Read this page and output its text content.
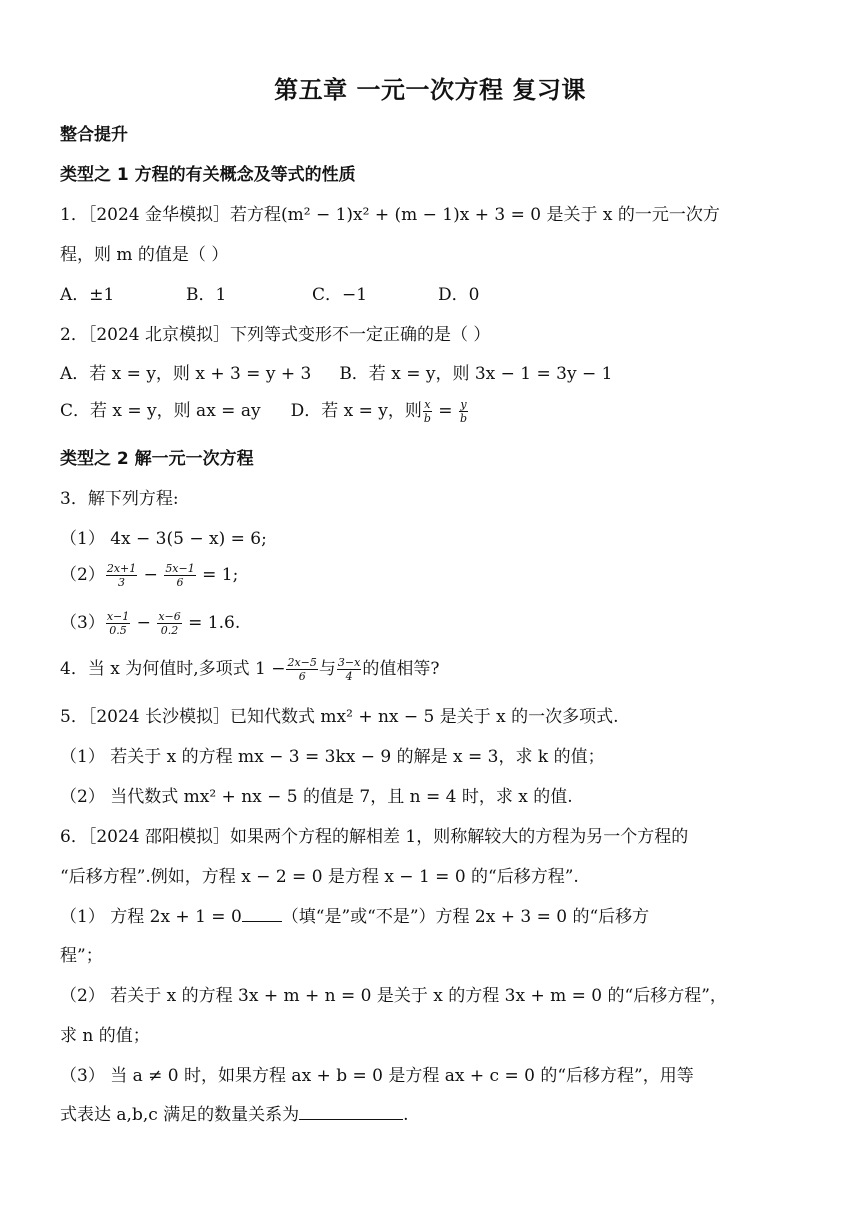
第五章 一元一次方程 复习课
整合提升
类型之 1 方程的有关概念及等式的性质
1．［2024 金华模拟］若方程(m² − 1)x² + (m − 1)x + 3 = 0 是关于 x 的一元一次方
程，则 m 的值是（ ）
A．±1	B．1	C．−1	D．0
2．［2024 北京模拟］下列等式变形不一定正确的是（ ）
A．若 x = y，则 x + 3 = y + 3 B．若 x = y，则 3x − 1 = 3y − 1
C．若 x = y，则 ax = ay D．若 x = y，则 $\frac{x}{b} = \frac{y}{b}$
类型之 2 解一元一次方程
3．解下列方程:
（1） 4x − 3(5 − x) = 6;
$(2) \frac{2x+1}{3} - \frac{5x-1}{6} = 1$;
$(3) \frac{x-1}{0.5} - \frac{x-6}{0.2} = 1.6$.
4．当 x 为何值时,多项式 $1 - \frac{2x-5}{6}$ 与 $\frac{3-x}{4}$ 的值相等?
5．［2024 长沙模拟］已知代数式 mx² + nx − 5 是关于 x 的一次多项式.
（1） 若关于 x 的方程 mx − 3 = 3kx − 9 的解是 x = 3，求 k 的值；
（2） 当代数式 mx² + nx − 5 的值是 7，且 n = 4 时，求 x 的值.
6．［2024 邵阳模拟］如果两个方程的解相差 1，则称解较大的方程为另一个方程的
“后移方程”.例如，方程 x − 2 = 0 是方程 x − 1 = 0 的“后移方程”.
（1） 方程 2x + 1 = 0 （填“是”或“不是”）方程 2x + 3 = 0 的“后移方
程”；
（2） 若关于 x 的方程 3x + m + n = 0 是关于 x 的方程 3x + m = 0 的“后移方程”，
求 n 的值；
（3） 当 a ≠ 0 时，如果方程 ax + b = 0 是方程 ax + c = 0 的“后移方程”，用等
式表达 a,b,c 满足的数量关系为	.
